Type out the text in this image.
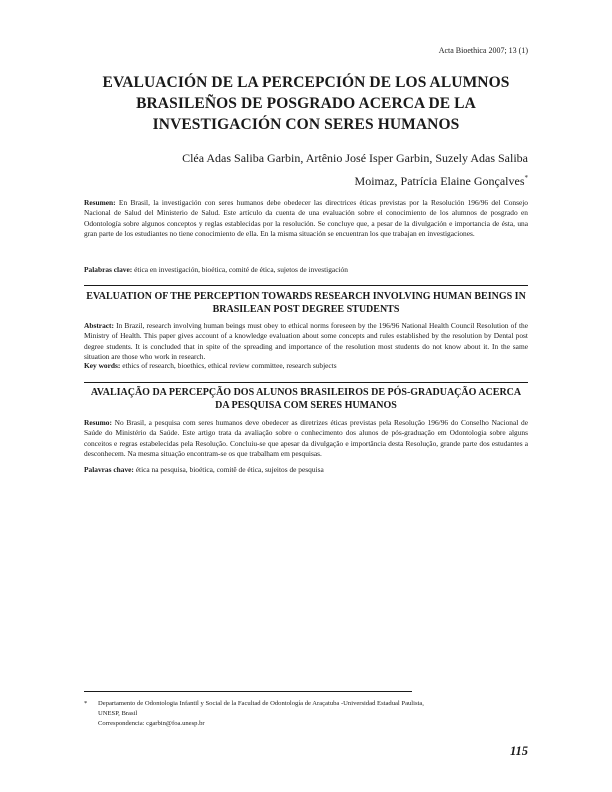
Acta Bioethica 2007; 13 (1)
EVALUACIÓN DE LA PERCEPCIÓN DE LOS ALUMNOS BRASILEÑOS DE POSGRADO ACERCA DE LA INVESTIGACIÓN CON SERES HUMANOS
Cléa Adas Saliba Garbin, Artênio José Isper Garbin, Suzely Adas Saliba
Moimaz, Patrícia Elaine Gonçalves*
Resumen: En Brasil, la investigación con seres humanos debe obedecer las directrices éticas previstas por la Resolución 196/96 del Consejo Nacional de Salud del Ministerio de Salud. Este artículo da cuenta de una evaluación sobre el conocimiento de los alumnos de posgrado en Odontología sobre algunos conceptos y reglas establecidas por la resolución. Se concluye que, a pesar de la divulgación e importancia de ésta, una gran parte de los estudiantes no tiene conocimiento de ella. En la misma situación se encuentran los que trabajan en investigaciones.
Palabras clave: ética en investigación, bioética, comité de ética, sujetos de investigación
EVALUATION OF THE PERCEPTION TOWARDS RESEARCH INVOLVING HUMAN BEINGS IN BRASILEAN POST DEGREE STUDENTS
Abstract: In Brazil, research involving human beings must obey to ethical norms foreseen by the 196/96 National Health Council Resolution of the Ministry of Health. This paper gives account of a knowledge evaluation about some concepts and rules established by the resolution by Dental post degree students. It is concluded that in spite of the spreading and importance of the resolution most students do not know about it. In the same situation are those who work in research.
Key words: ethics of research, bioethics, ethical review committee, research subjects
AVALIAÇÃO DA PERCEPÇÃO DOS ALUNOS BRASILEIROS DE PÓS-GRADUAÇÃO ACERCA DA PESQUISA COM SERES HUMANOS
Resumo: No Brasil, a pesquisa com seres humanos deve obedecer as diretrizes éticas previstas pela Resolução 196/96 do Conselho Nacional de Saúde do Ministério da Saúde. Este artigo trata da avaliação sobre o conhecimento dos alunos de pós-graduação em Odontologia sobre alguns conceitos e regras estabelecidas pela Resolução. Concluiu-se que apesar da divulgação e importância desta Resolução, grande parte dos estudantes a desconhecem. Na mesma situação encontram-se os que trabalham em pesquisas.
Palavras chave: ética na pesquisa, bioética, comitê de ética, sujeitos de pesquisa
* Departamento de Odontologia Infantil y Social de la Facultad de Odontología de Araçatuba -Universidad Estadual Paulista,
UNESP, Brasil
Correspondencia: cgarbin@foa.unesp.br
115
